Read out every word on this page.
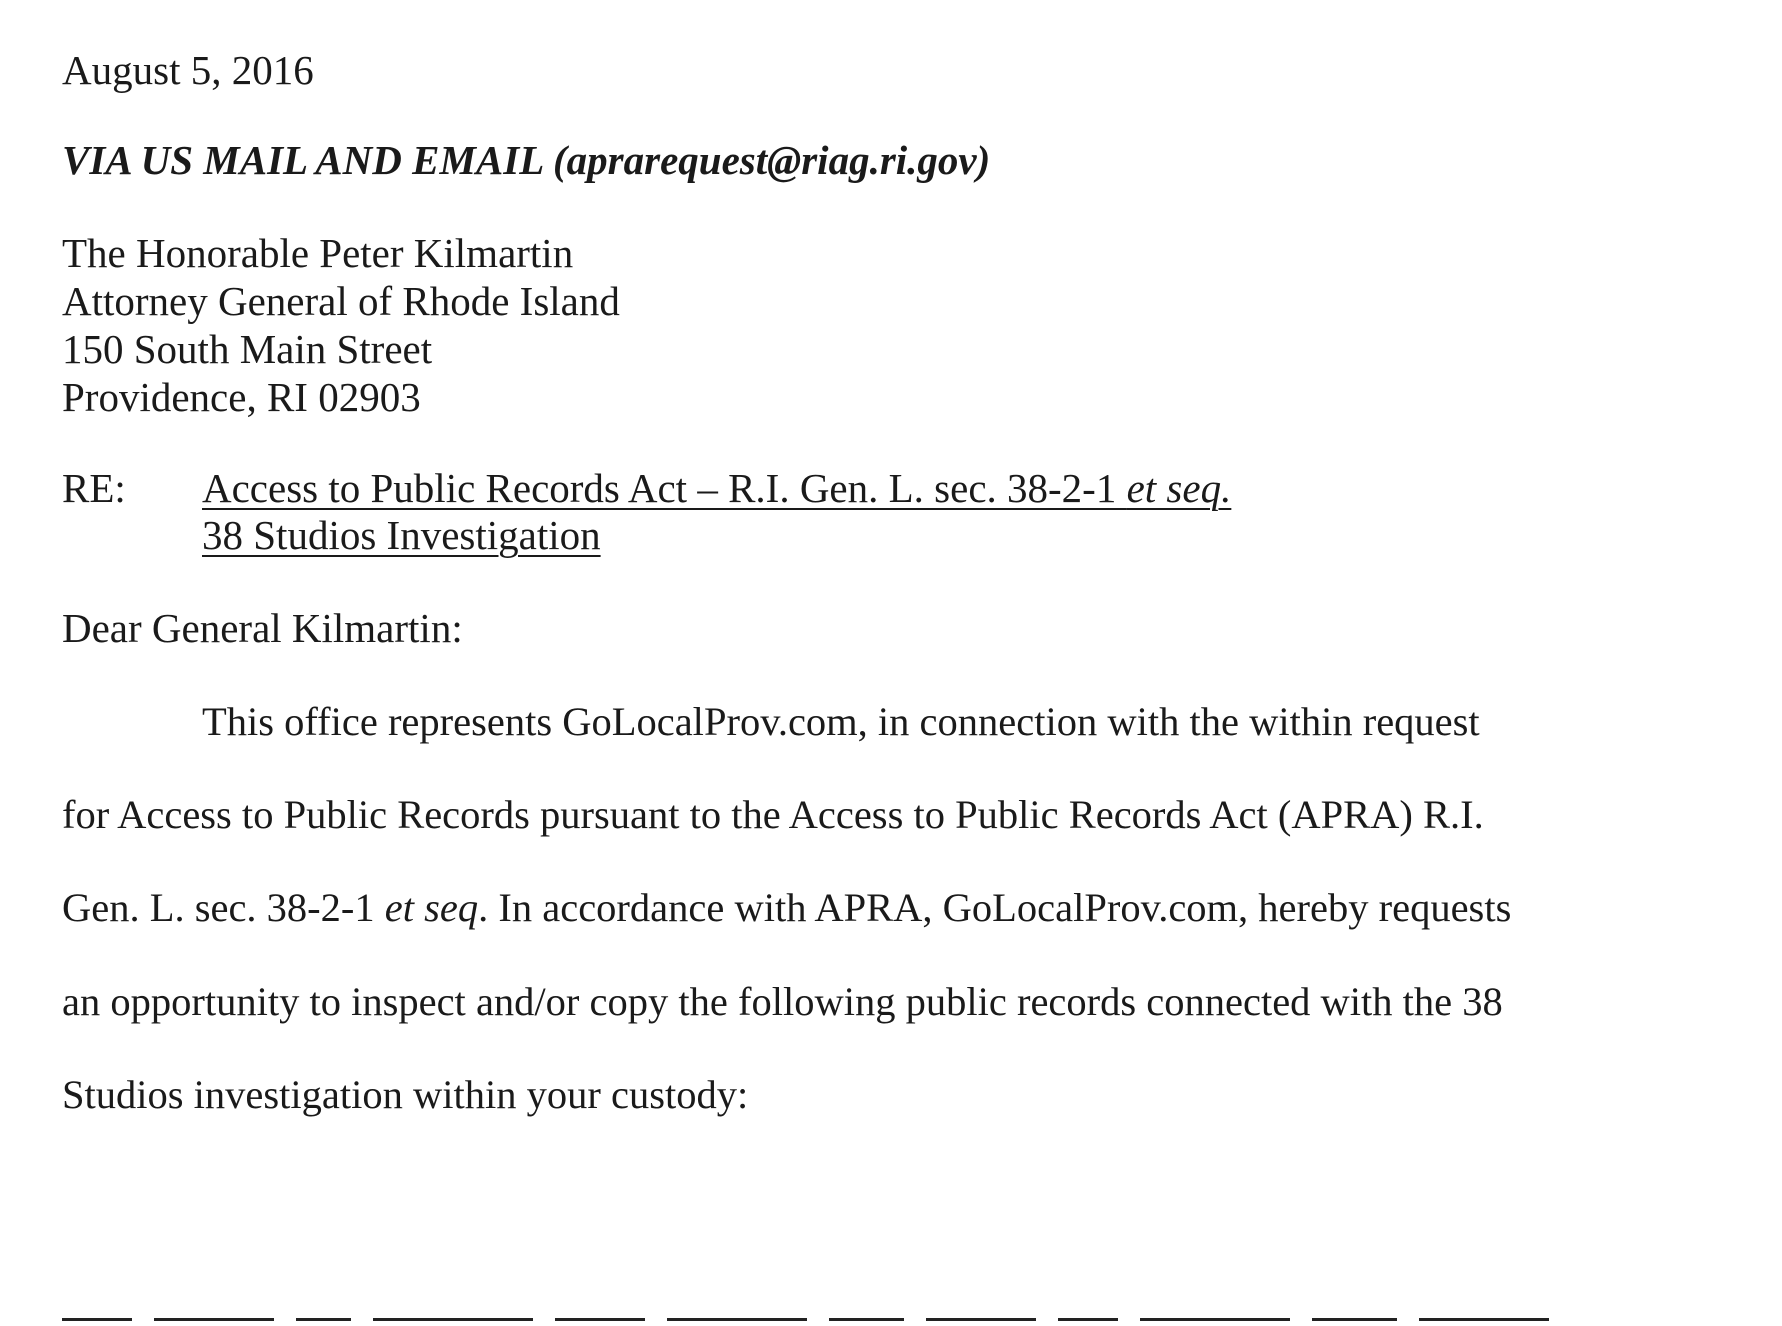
August 5, 2016
VIA US MAIL AND EMAIL (aprarequest@riag.ri.gov)
The Honorable Peter Kilmartin
Attorney General of Rhode Island
150 South Main Street
Providence, RI 02903
RE: Access to Public Records Act – R.I. Gen. L. sec. 38-2-1 et seq.
38 Studios Investigation
Dear General Kilmartin:
This office represents GoLocalProv.com, in connection with the within request
for Access to Public Records pursuant to the Access to Public Records Act (APRA) R.I.
Gen. L. sec. 38-2-1 et seq. In accordance with APRA, GoLocalProv.com, hereby requests
an opportunity to inspect and/or copy the following public records connected with the 38
Studios investigation within your custody:
